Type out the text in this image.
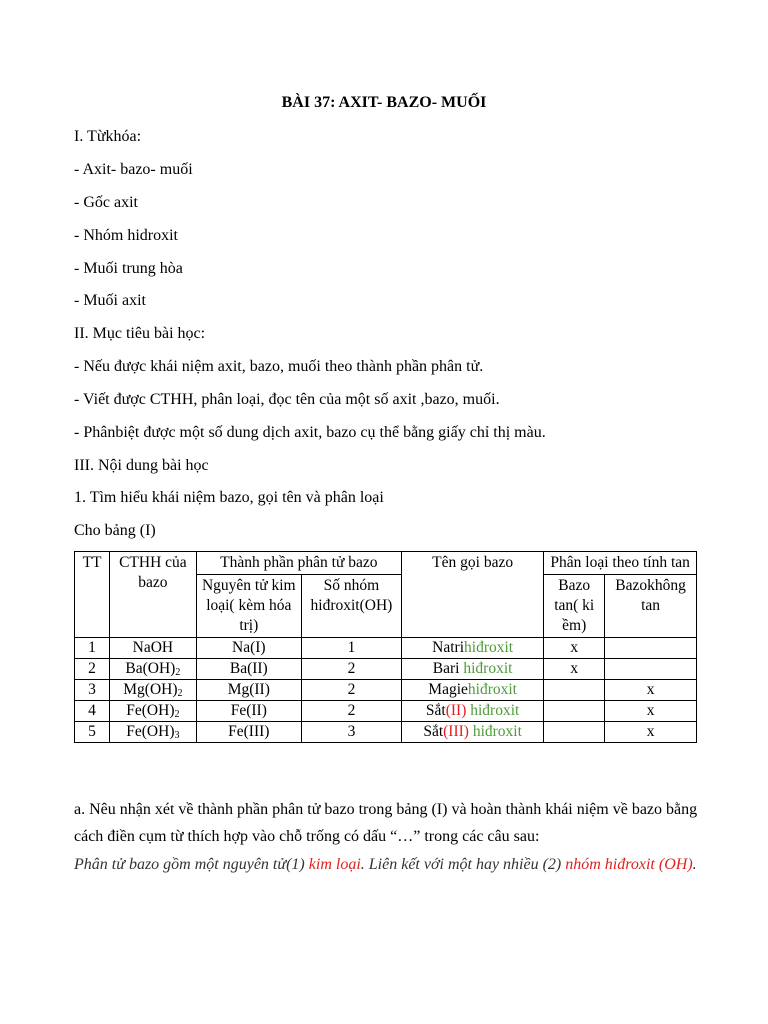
BÀI 37: AXIT- BAZO- MUỐI
I. Từkhóa:
- Axit- bazo- muối
- Gốc axit
- Nhóm hidroxit
- Muối trung hòa
- Muối axit
II. Mục tiêu bài học:
- Nếu được khái niệm axit, bazo, muối theo thành phần phân tử.
- Viết được CTHH, phân loại, đọc tên của một số axit ,bazo, muối.
- Phânbiệt được một số dung dịch axit, bazo cụ thể bằng giấy chỉ thị màu.
III. Nội dung bài học
1. Tìm hiểu khái niệm bazo, gọi tên và phân loại
Cho bảng (I)
TT	CTHH của bazo	Thành phần phân tử bazo		Tên gọi bazo	Phân loại theo tính tan	
		Nguyên tử kim loại( kèm hóa trị)	Số nhóm hiđroxit(OH)		Bazo tan( ki ềm)	Bazokhông tan
1	NaOH	Na(I)	1	Natrihiđroxit	x	
2	$Ba(OH)_2$	Ba(II)	2	Bari hiđroxit	x	
3	$Mg(OH)_2$	Mg(II)	2	Magiehiđroxit		x
4	$Fe(OH)_2$	Fe(II)	2	Sắt(II) hiđroxit		x
5	$Fe(OH)_3$	Fe(III)	3	Sắt(III) hiđroxit		x
a. Nêu nhận xét về thành phần phân tử bazo trong bảng (I) và hoàn thành khái niệm về bazo bằng cách điền cụm từ thích hợp vào chỗ trống có dấu “…” trong các câu sau:
Phân tử bazo gồm một nguyên tử(1) kim loại. Liên kết với một hay nhiều (2) nhóm hiđroxit (OH).
